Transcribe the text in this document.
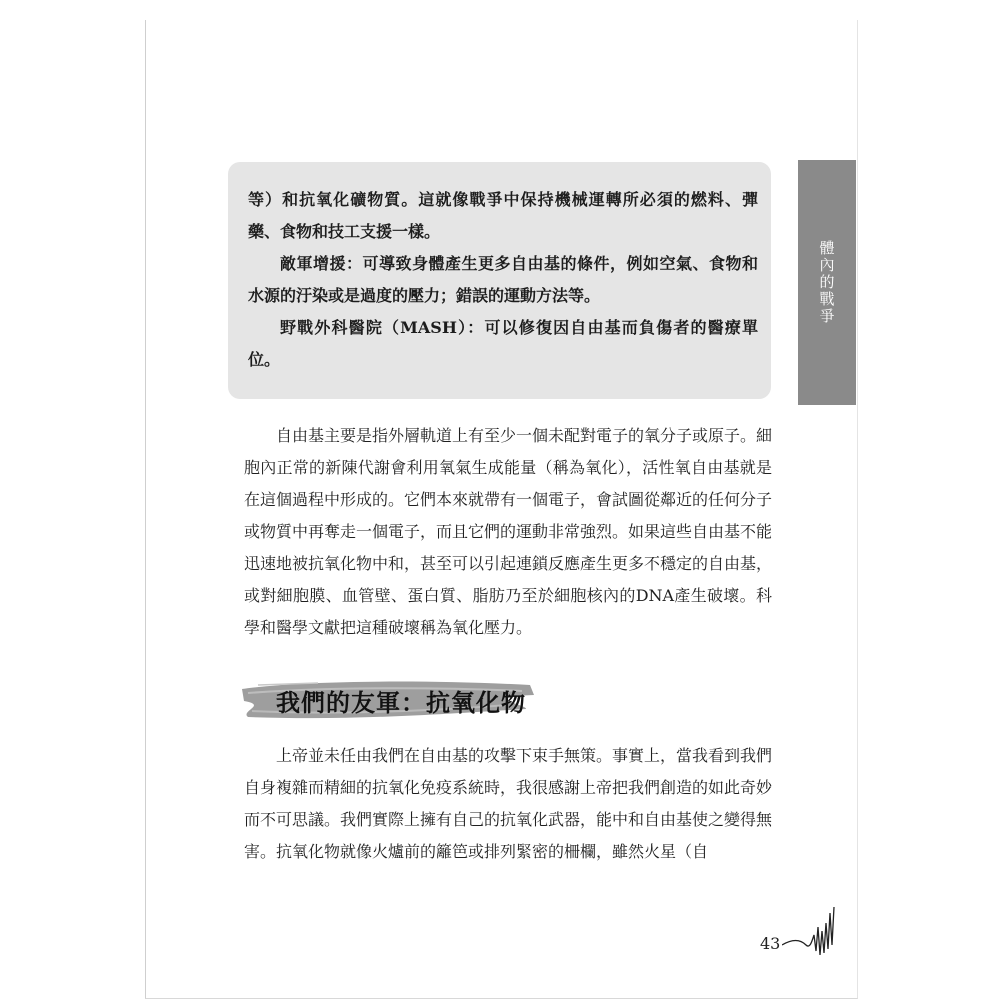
體內的戰爭

等）和抗氧化礦物質。這就像戰爭中保持機械運轉所必須的燃料、彈藥、食物和技工支援一樣。

敵軍增援：可導致身體產生更多自由基的條件，例如空氣、食物和水源的汙染或是過度的壓力；錯誤的運動方法等。

野戰外科醫院（MASH）：可以修復因自由基而負傷者的醫療單位。

自由基主要是指外層軌道上有至少一個未配對電子的氧分子或原子。細胞內正常的新陳代謝會利用氧氣生成能量（稱為氧化），活性氧自由基就是在這個過程中形成的。它們本來就帶有一個電子，會試圖從鄰近的任何分子或物質中再奪走一個電子，而且它們的運動非常強烈。如果這些自由基不能迅速地被抗氧化物中和，甚至可以引起連鎖反應產生更多不穩定的自由基，或對細胞膜、血管壁、蛋白質、脂肪乃至於細胞核內的DNA產生破壞。科學和醫學文獻把這種破壞稱為氧化壓力。

我們的友軍：抗氧化物

上帝並未任由我們在自由基的攻擊下束手無策。事實上，當我看到我們自身複雜而精細的抗氧化免疫系統時，我很感謝上帝把我們創造的如此奇妙而不可思議。我們實際上擁有自己的抗氧化武器，能中和自由基使之變得無害。抗氧化物就像火爐前的籬笆或排列緊密的柵欄，雖然火星（自

43
